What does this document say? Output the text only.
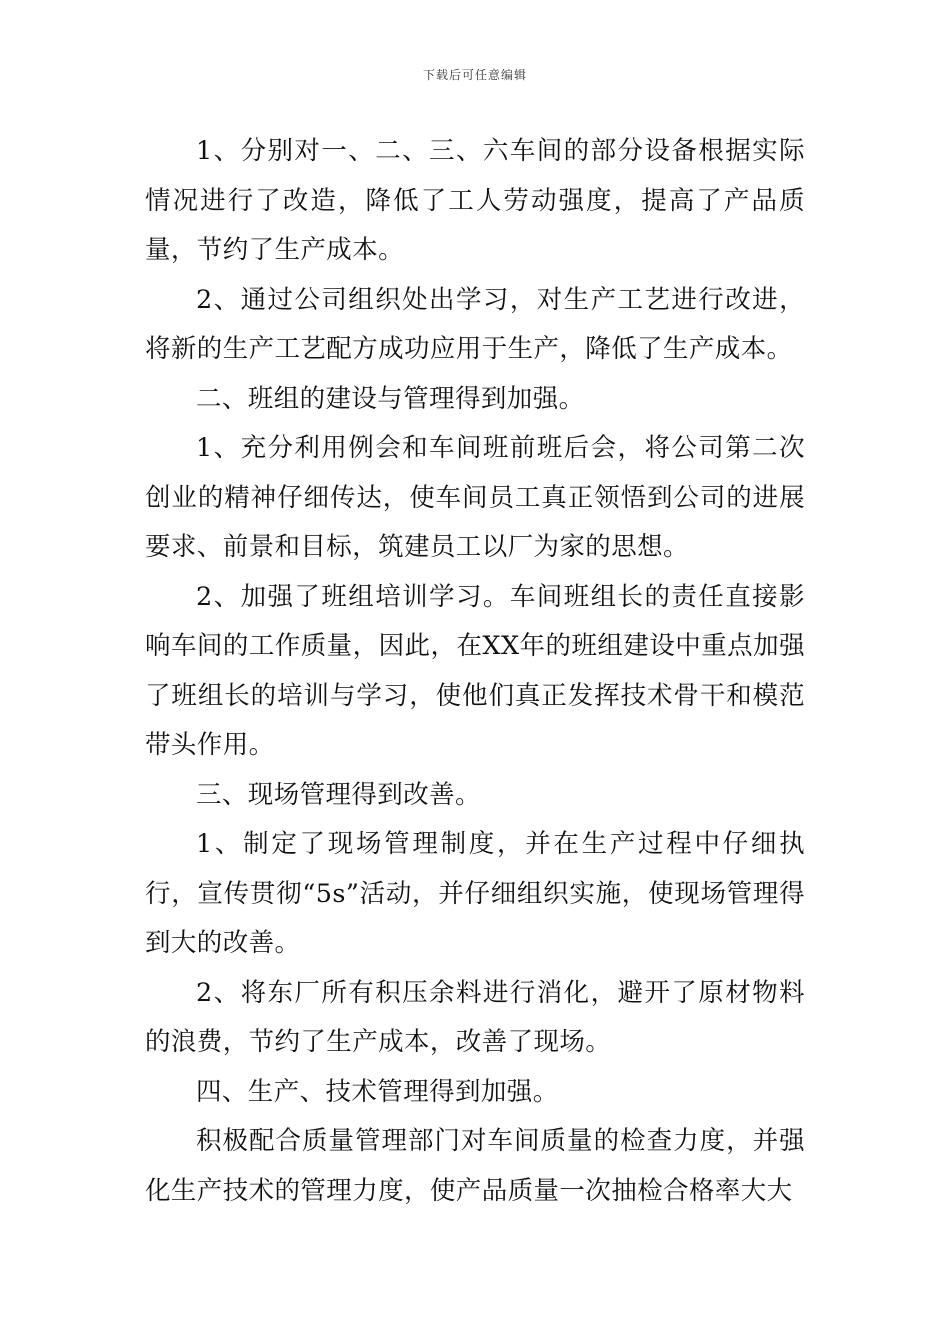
下载后可任意编辑

1、分别对一、二、三、六车间的部分设备根据实际情况进行了改造，降低了工人劳动强度，提高了产品质量，节约了生产成本。

2、通过公司组织处出学习，对生产工艺进行改进，将新的生产工艺配方成功应用于生产，降低了生产成本。

二、班组的建设与管理得到加强。

1、充分利用例会和车间班前班后会，将公司第二次创业的精神仔细传达，使车间员工真正领悟到公司的进展要求、前景和目标，筑建员工以厂为家的思想。

2、加强了班组培训学习。车间班组长的责任直接影响车间的工作质量，因此，在XX年的班组建设中重点加强了班组长的培训与学习，使他们真正发挥技术骨干和模范带头作用。

三、现场管理得到改善。

1、制定了现场管理制度，并在生产过程中仔细执行，宣传贯彻“5s”活动，并仔细组织实施，使现场管理得到大的改善。

2、将东厂所有积压余料进行消化，避开了原材物料的浪费，节约了生产成本，改善了现场。

四、生产、技术管理得到加强。

积极配合质量管理部门对车间质量的检查力度，并强化生产技术的管理力度，使产品质量一次抽检合格率大大
